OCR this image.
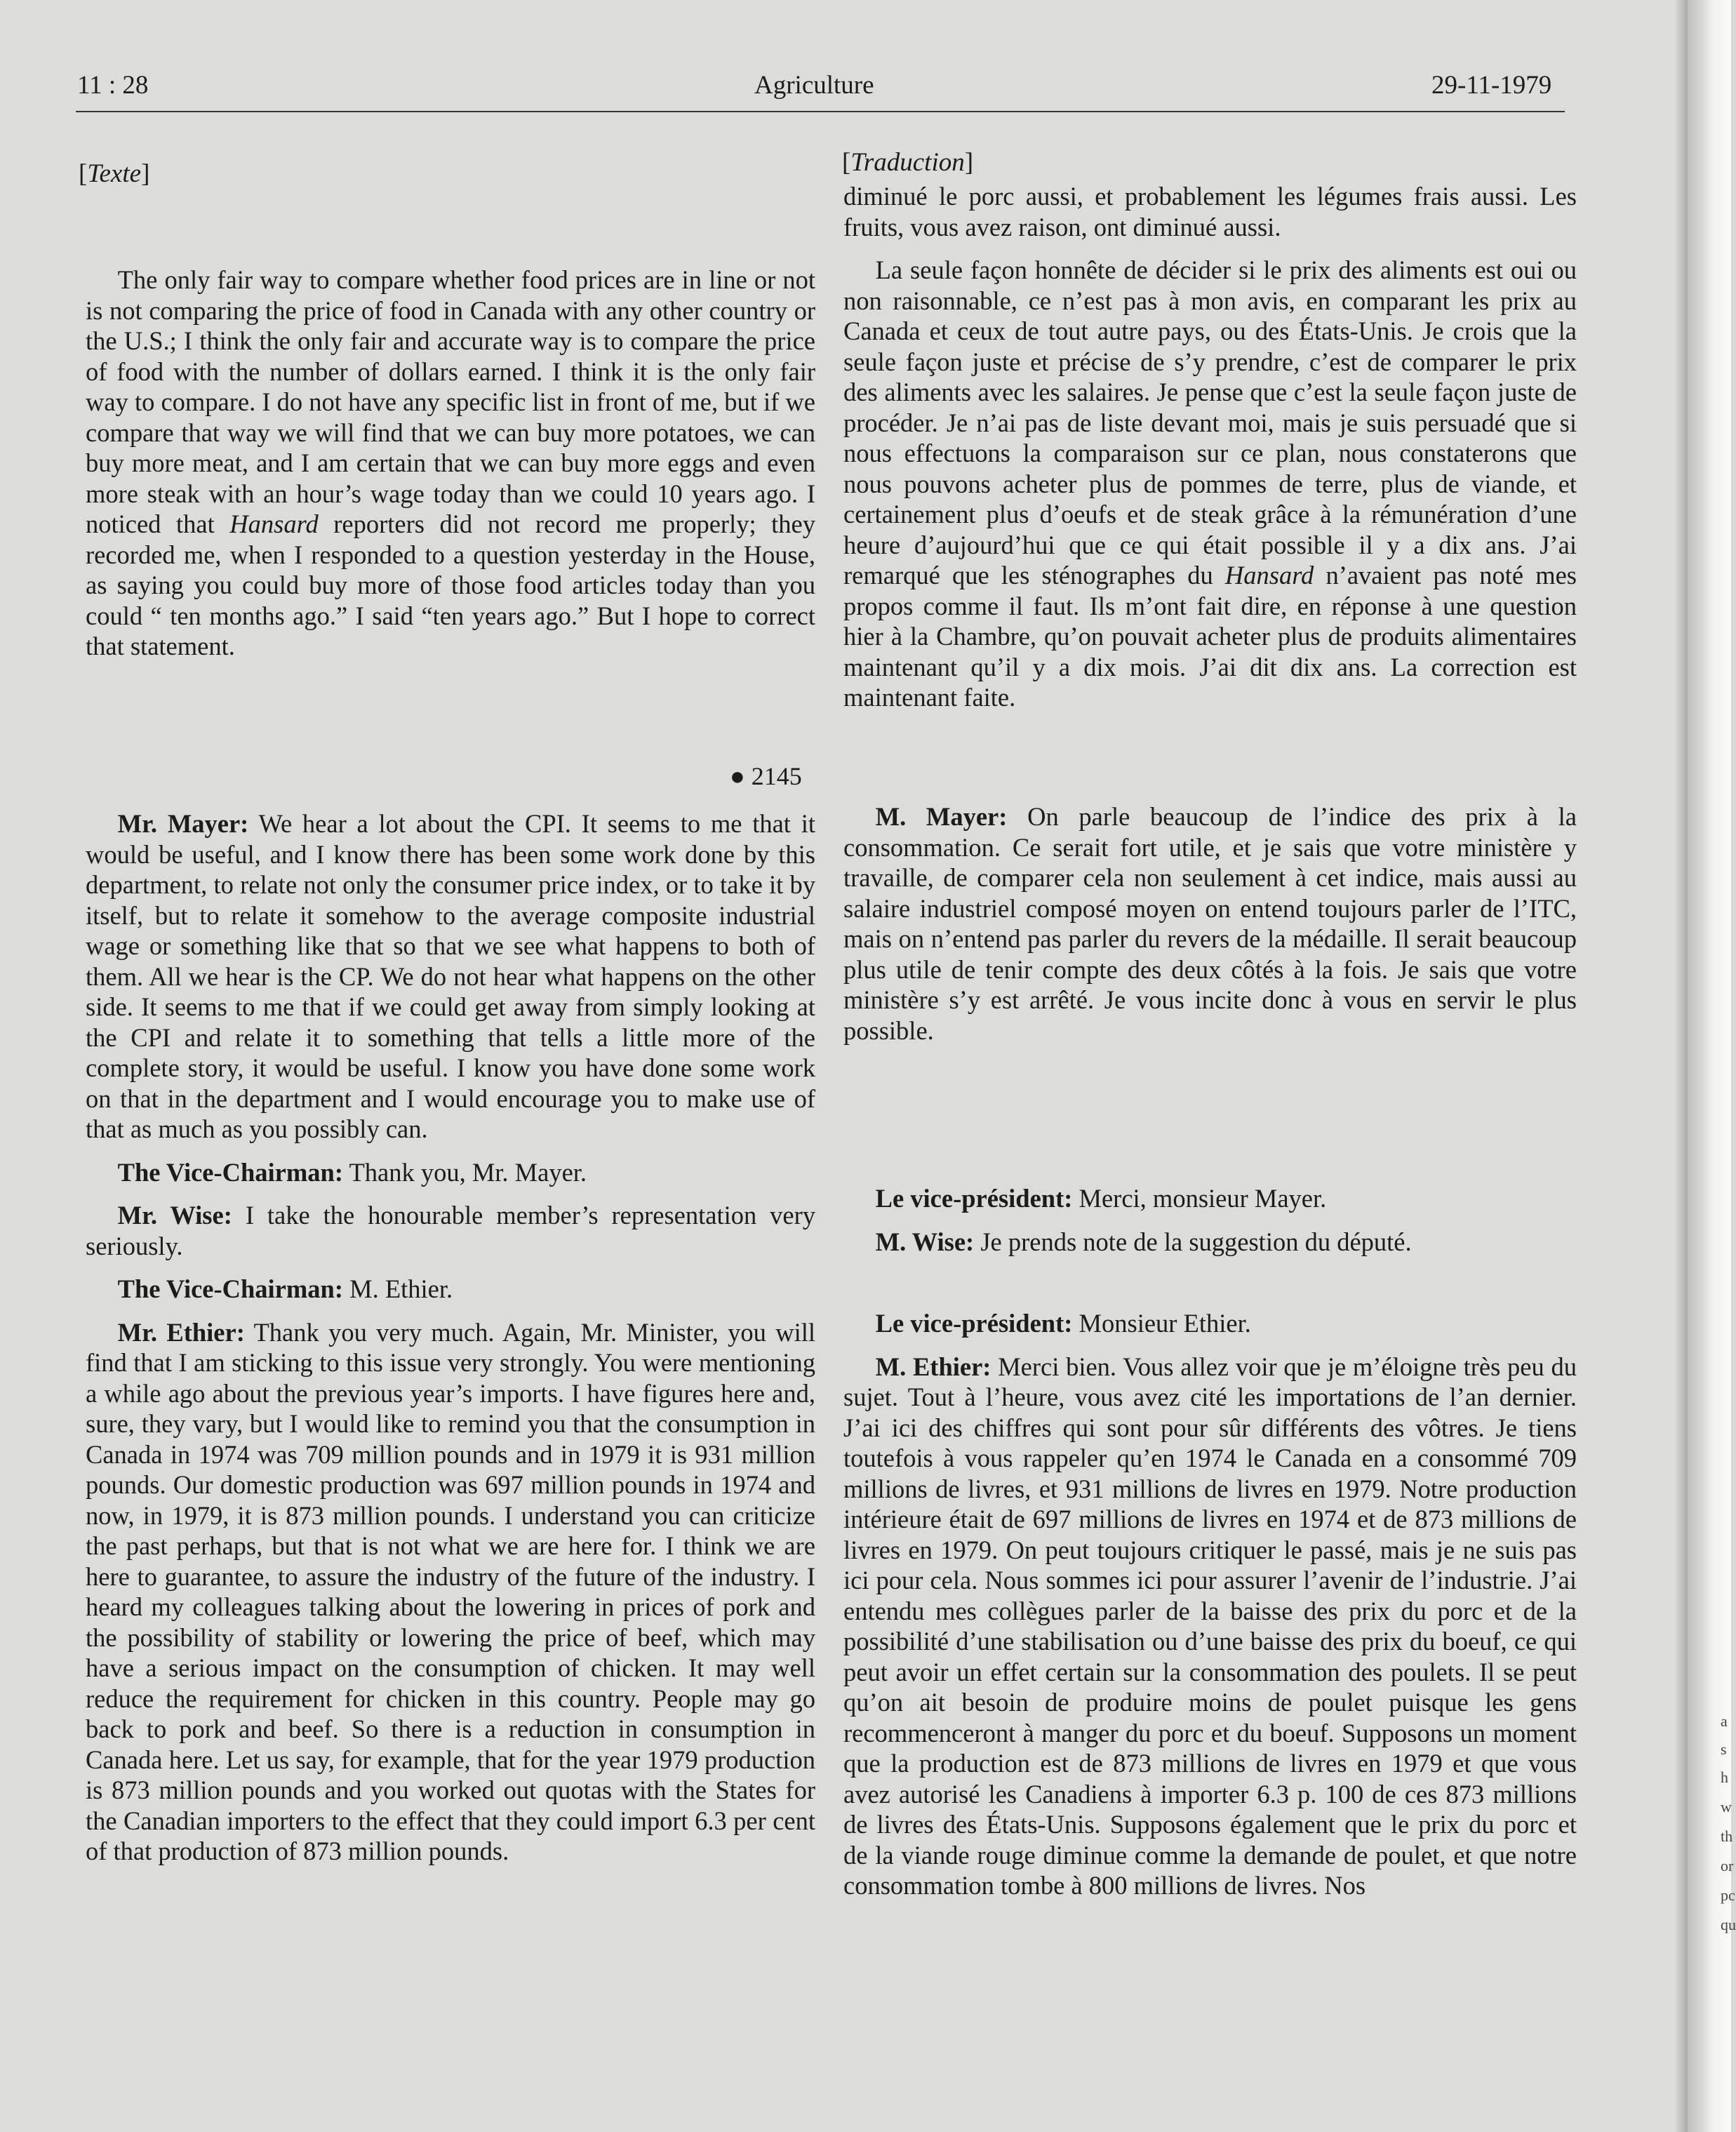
11 : 28	Agriculture	29-11-1979
[Texte]	[Traduction]

The only fair way to compare whether food prices are in line or not is not comparing the price of food in Canada with any other country or the U.S.; I think the only fair and accurate way is to compare the price of food with the number of dollars earned. I think it is the only fair way to compare. I do not have any specific list in front of me, but if we compare that way we will find that we can buy more potatoes, we can buy more meat, and I am certain that we can buy more eggs and even more steak with an hour’s wage today than we could 10 years ago. I noticed that Hansard reporters did not record me properly; they recorded me, when I responded to a question yesterday in the House, as saying you could buy more of those food articles today than you could “ ten months ago.” I said “ten years ago.” But I hope to correct that statement.

● 2145

Mr. Mayer: We hear a lot about the CPI. It seems to me that it would be useful, and I know there has been some work done by this department, to relate not only the consumer price index, or to take it by itself, but to relate it somehow to the average composite industrial wage or something like that so that we see what happens to both of them. All we hear is the CP. We do not hear what happens on the other side. It seems to me that if we could get away from simply looking at the CPI and relate it to something that tells a little more of the complete story, it would be useful. I know you have done some work on that in the department and I would encourage you to make use of that as much as you possibly can.

The Vice-Chairman: Thank you, Mr. Mayer.

Mr. Wise: I take the honourable member’s representation very seriously.

The Vice-Chairman: M. Ethier.

Mr. Ethier: Thank you very much. Again, Mr. Minister, you will find that I am sticking to this issue very strongly. You were mentioning a while ago about the previous year’s imports. I have figures here and, sure, they vary, but I would like to remind you that the consumption in Canada in 1974 was 709 million pounds and in 1979 it is 931 million pounds. Our domestic production was 697 million pounds in 1974 and now, in 1979, it is 873 million pounds. I understand you can criticize the past perhaps, but that is not what we are here for. I think we are here to guarantee, to assure the industry of the future of the industry. I heard my colleagues talking about the lowering in prices of pork and the possibility of stability or lowering the price of beef, which may have a serious impact on the consumption of chicken. It may well reduce the requirement for chicken in this country. People may go back to pork and beef. So there is a reduction in consumption in Canada here. Let us say, for example, that for the year 1979 production is 873 million pounds and you worked out quotas with the States for the Canadian importers to the effect that they could import 6.3 per cent of that production of 873 million pounds.

diminué le porc aussi, et probablement les légumes frais aussi. Les fruits, vous avez raison, ont diminué aussi.

La seule façon honnête de décider si le prix des aliments est oui ou non raisonnable, ce n’est pas à mon avis, en comparant les prix au Canada et ceux de tout autre pays, ou des États-Unis. Je crois que la seule façon juste et précise de s’y prendre, c’est de comparer le prix des aliments avec les salaires. Je pense que c’est la seule façon juste de procéder. Je n’ai pas de liste devant moi, mais je suis persuadé que si nous effectuons la comparaison sur ce plan, nous constaterons que nous pouvons acheter plus de pommes de terre, plus de viande, et certainement plus d’oeufs et de steak grâce à la rémunération d’une heure d’aujourd’hui que ce qui était possible il y a dix ans. J’ai remarqué que les sténographes du Hansard n’avaient pas noté mes propos comme il faut. Ils m’ont fait dire, en réponse à une question hier à la Chambre, qu’on pouvait acheter plus de produits alimentaires maintenant qu’il y a dix mois. J’ai dit dix ans. La correction est maintenant faite.

M. Mayer: On parle beaucoup de l’indice des prix à la consommation. Ce serait fort utile, et je sais que votre ministère y travaille, de comparer cela non seulement à cet indice, mais aussi au salaire industriel composé moyen on entend toujours parler de l’ITC, mais on n’entend pas parler du revers de la médaille. Il serait beaucoup plus utile de tenir compte des deux côtés à la fois. Je sais que votre ministère s’y est arrêté. Je vous incite donc à vous en servir le plus possible.

Le vice-président: Merci, monsieur Mayer.

M. Wise: Je prends note de la suggestion du député.

Le vice-président: Monsieur Ethier.

M. Ethier: Merci bien. Vous allez voir que je m’éloigne très peu du sujet. Tout à l’heure, vous avez cité les importations de l’an dernier. J’ai ici des chiffres qui sont pour sûr différents des vôtres. Je tiens toutefois à vous rappeler qu’en 1974 le Canada en a consommé 709 millions de livres, et 931 millions de livres en 1979. Notre production intérieure était de 697 millions de livres en 1974 et de 873 millions de livres en 1979. On peut toujours critiquer le passé, mais je ne suis pas ici pour cela. Nous sommes ici pour assurer l’avenir de l’industrie. J’ai entendu mes collègues parler de la baisse des prix du porc et de la possibilité d’une stabilisation ou d’une baisse des prix du boeuf, ce qui peut avoir un effet certain sur la consommation des poulets. Il se peut qu’on ait besoin de produire moins de poulet puisque les gens recommenceront à manger du porc et du boeuf. Supposons un moment que la production est de 873 millions de livres en 1979 et que vous avez autorisé les Canadiens à importer 6.3 p. 100 de ces 873 millions de livres des États-Unis. Supposons également que le prix du porc et de la viande rouge diminue comme la demande de poulet, et que notre consommation tombe à 800 millions de livres. Nos

a
s
h
w
th
or
pc
qu
